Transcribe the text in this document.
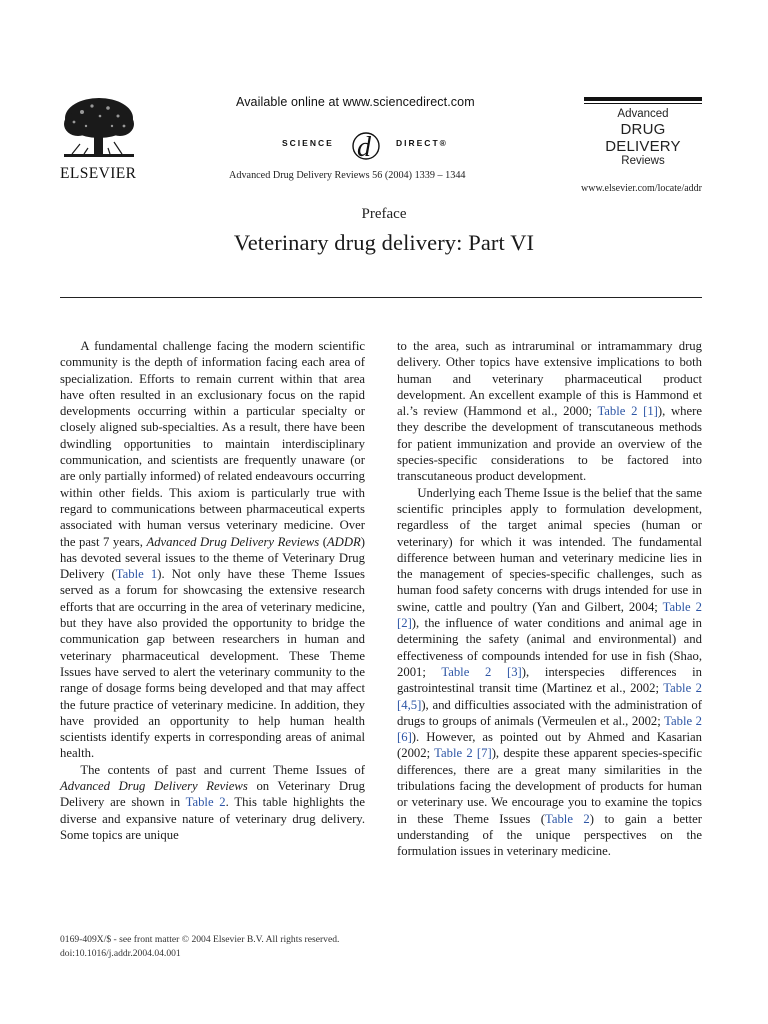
ELSEVIER
Available online at www.sciencedirect.com
SCIENCE d	DIRECT®
Advanced Drug Delivery Reviews 56 (2004) 1339 – 1344
Advanced
DRUG DELIVERY
Reviews
www.elsevier.com/locate/addr
Preface
Veterinary drug delivery: Part VI

A fundamental challenge facing the modern scientific community is the depth of information facing each area of specialization. Efforts to remain current within that area have often resulted in an exclusionary focus on the rapid developments occurring within a particular specialty or closely aligned sub-specialties. As a result, there have been dwindling opportunities to maintain interdisciplinary communication, and scientists are frequently unaware (or are only partially informed) of related endeavours occurring within other fields. This axiom is particularly true with regard to communications between pharmaceutical experts associated with human versus veterinary medicine. Over the past 7 years, Advanced Drug Delivery Reviews (ADDR) has devoted several issues to the theme of Veterinary Drug Delivery (Table 1). Not only have these Theme Issues served as a forum for showcasing the extensive research efforts that are occurring in the area of veterinary medicine, but they have also provided the opportunity to bridge the communication gap between researchers in human and veterinary pharmaceutical development. These Theme Issues have served to alert the veterinary community to the range of dosage forms being developed and that may affect the future practice of veterinary medicine. In addition, they have provided an opportunity to help human health scientists identify experts in corresponding areas of animal health.

The contents of past and current Theme Issues of Advanced Drug Delivery Reviews on Veterinary Drug Delivery are shown in Table 2. This table highlights the diverse and expansive nature of veterinary drug delivery. Some topics are unique

to the area, such as intraruminal or intramammary drug delivery. Other topics have extensive implications to both human and veterinary pharmaceutical product development. An excellent example of this is Hammond et al.’s review (Hammond et al., 2000; Table 2 [1]), where they describe the development of transcutaneous methods for patient immunization and provide an overview of the species-specific considerations to be factored into transcutaneous product development.

Underlying each Theme Issue is the belief that the same scientific principles apply to formulation development, regardless of the target animal species (human or veterinary) for which it was intended. The fundamental difference between human and veterinary medicine lies in the management of species-specific challenges, such as human food safety concerns with drugs intended for use in swine, cattle and poultry (Yan and Gilbert, 2004; Table 2 [2]), the influence of water conditions and animal age in determining the safety (animal and environmental) and effectiveness of compounds intended for use in fish (Shao, 2001; Table 2 [3]), interspecies differences in gastrointestinal transit time (Martinez et al., 2002; Table 2 [4,5]), and difficulties associated with the administration of drugs to groups of animals (Vermeulen et al., 2002; Table 2 [6]). However, as pointed out by Ahmed and Kasarian (2002; Table 2 [7]), despite these apparent species-specific differences, there are a great many similarities in the tribulations facing the development of products for human or veterinary use. We encourage you to examine the topics in these Theme Issues (Table 2) to gain a better understanding of the unique perspectives on the formulation issues in veterinary medicine.

0169-409X/$ - see front matter © 2004 Elsevier B.V. All rights reserved.
doi:10.1016/j.addr.2004.04.001
